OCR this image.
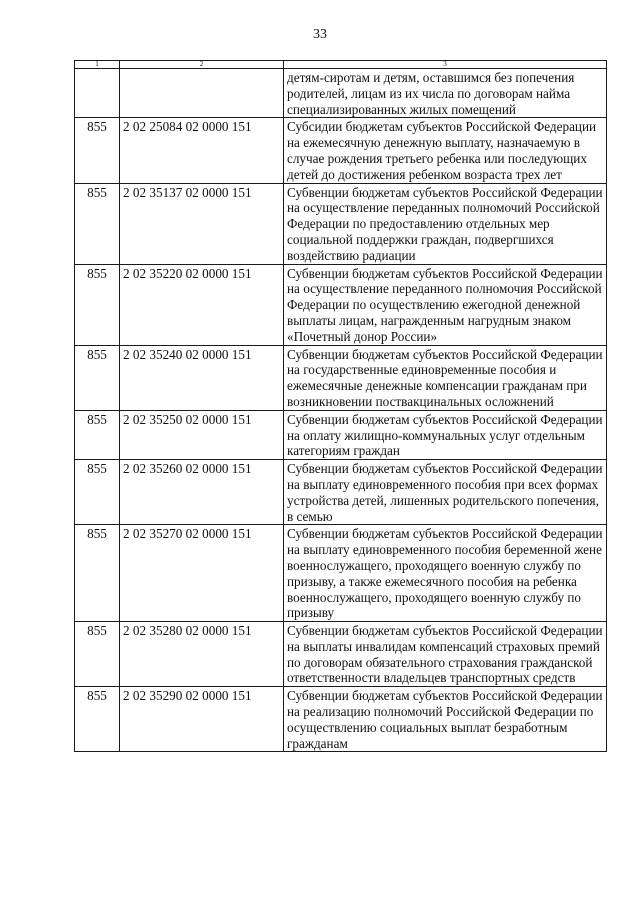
33
1	2	3
		детям-сиротам и детям, оставшимся без попечения родителей, лицам из их числа по договорам найма специализированных жилых помещений
855	2 02 25084 02 0000 151	Субсидии бюджетам субъектов Российской Федерации на ежемесячную денежную выплату, назначаемую в случае рождения третьего ребенка или последующих детей до достижения ребенком возраста трех лет
855	2 02 35137 02 0000 151	Субвенции бюджетам субъектов Российской Федерации на осуществление переданных полномочий Российской Федерации по предоставлению отдельных мер социальной поддержки граждан, подвергшихся воздействию радиации
855	2 02 35220 02 0000 151	Субвенции бюджетам субъектов Российской Федерации на осуществление переданного полномочия Российской Федерации по осуществлению ежегодной денежной выплаты лицам, награжденным нагрудным знаком «Почетный донор России»
855	2 02 35240 02 0000 151	Субвенции бюджетам субъектов Российской Федерации на государственные единовременные пособия и ежемесячные денежные компенсации гражданам при возникновении поствакцинальных осложнений
855	2 02 35250 02 0000 151	Субвенции бюджетам субъектов Российской Федерации на оплату жилищно-коммунальных услуг отдельным категориям граждан
855	2 02 35260 02 0000 151	Субвенции бюджетам субъектов Российской Федерации на выплату единовременного пособия при всех формах устройства детей, лишенных родительского попечения, в семью
855	2 02 35270 02 0000 151	Субвенции бюджетам субъектов Российской Федерации на выплату единовременного пособия беременной жене военнослужащего, проходящего военную службу по призыву, а также ежемесячного пособия на ребенка военнослужащего, проходящего военную службу по призыву
855	2 02 35280 02 0000 151	Субвенции бюджетам субъектов Российской Федерации на выплаты инвалидам компенсаций страховых премий по договорам обязательного страхования гражданской ответственности владельцев транспортных средств
855	2 02 35290 02 0000 151	Субвенции бюджетам субъектов Российской Федерации на реализацию полномочий Российской Федерации по осуществлению социальных выплат безработным гражданам
